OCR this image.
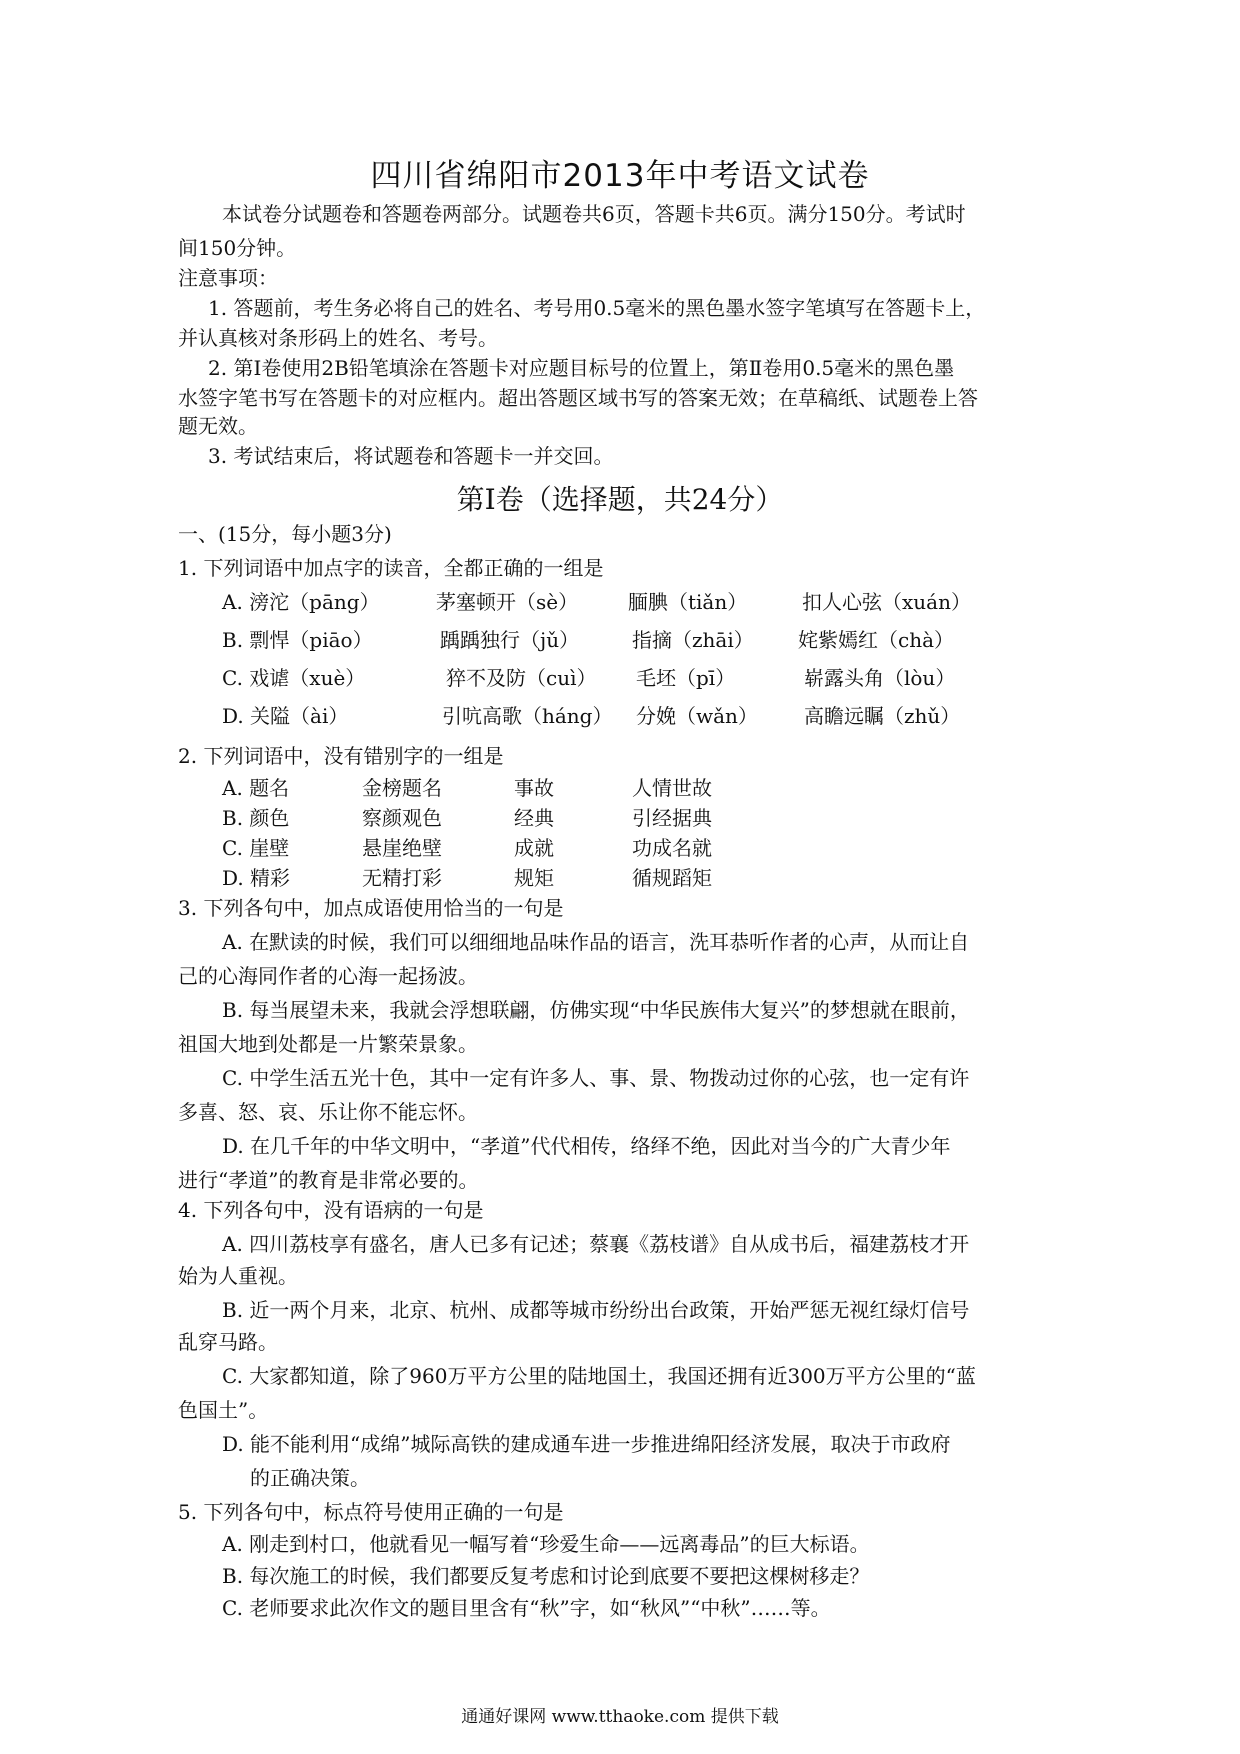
四川省绵阳市2013年中考语文试卷
本试卷分试题卷和答题卷两部分。试题卷共6页，答题卡共6页。满分150分。考试时
间150分钟。
注意事项：
1. 答题前，考生务必将自己的姓名、考号用0.5毫米的黑色墨水签字笔填写在答题卡上，
并认真核对条形码上的姓名、考号。
2. 第Ⅰ卷使用2B铅笔填涂在答题卡对应题目标号的位置上，第Ⅱ卷用0.5毫米的黑色墨
水签字笔书写在答题卡的对应框内。超出答题区域书写的答案无效；在草稿纸、试题卷上答
题无效。
3. 考试结束后，将试题卷和答题卡一并交回。
第Ⅰ卷（选择题，共24分）
一、(15分，每小题3分)
1. 下列词语中加点字的读音，全都正确的一组是
A. 滂沱（pāng）	茅塞顿开（sè） 腼腆（tiǎn）	扣人心弦（xuán）
B. 剽悍（piāo）	踽踽独行（jǔ）	指摘（zhāi） 姹紫嫣红（chà）
C. 戏谑（xuè）	猝不及防（cuì） 毛坯（pī）	崭露头角（lòu）
D. 关隘（ài）	引吭高歌（háng） 分娩（wǎn） 高瞻远瞩（zhǔ）
2. 下列词语中，没有错别字的一组是
A. 题名	金榜题名	事故	人情世故
B. 颜色	察颜观色	经典	引经据典
C. 崖壁	悬崖绝壁	成就	功成名就
D. 精彩	无精打彩	规矩	循规蹈矩
3. 下列各句中，加点成语使用恰当的一句是
A. 在默读的时候，我们可以细细地品味作品的语言，洗耳恭听作者的心声，从而让自
己的心海同作者的心海一起扬波。
B. 每当展望未来，我就会浮想联翩，仿佛实现“中华民族伟大复兴”的梦想就在眼前，
祖国大地到处都是一片繁荣景象。
C. 中学生活五光十色，其中一定有许多人、事、景、物拨动过你的心弦，也一定有许
多喜、怒、哀、乐让你不能忘怀。
D. 在几千年的中华文明中，“孝道”代代相传，络绎不绝，因此对当今的广大青少年
进行“孝道”的教育是非常必要的。
4. 下列各句中，没有语病的一句是
A. 四川荔枝享有盛名，唐人已多有记述；蔡襄《荔枝谱》自从成书后，福建荔枝才开
始为人重视。
B. 近一两个月来，北京、杭州、成都等城市纷纷出台政策，开始严惩无视红绿灯信号
乱穿马路。
C. 大家都知道，除了960万平方公里的陆地国土，我国还拥有近300万平方公里的“蓝
色国土”。
D. 能不能利用“成绵”城际高铁的建成通车进一步推进绵阳经济发展，取决于市政府
的正确决策。
5. 下列各句中，标点符号使用正确的一句是
A. 刚走到村口，他就看见一幅写着“珍爱生命——远离毒品”的巨大标语。
B. 每次施工的时候，我们都要反复考虑和讨论到底要不要把这棵树移走？
C. 老师要求此次作文的题目里含有“秋”字，如“秋风”“中秋”……等。
通通好课网 www.tthaoke.com 提供下载
